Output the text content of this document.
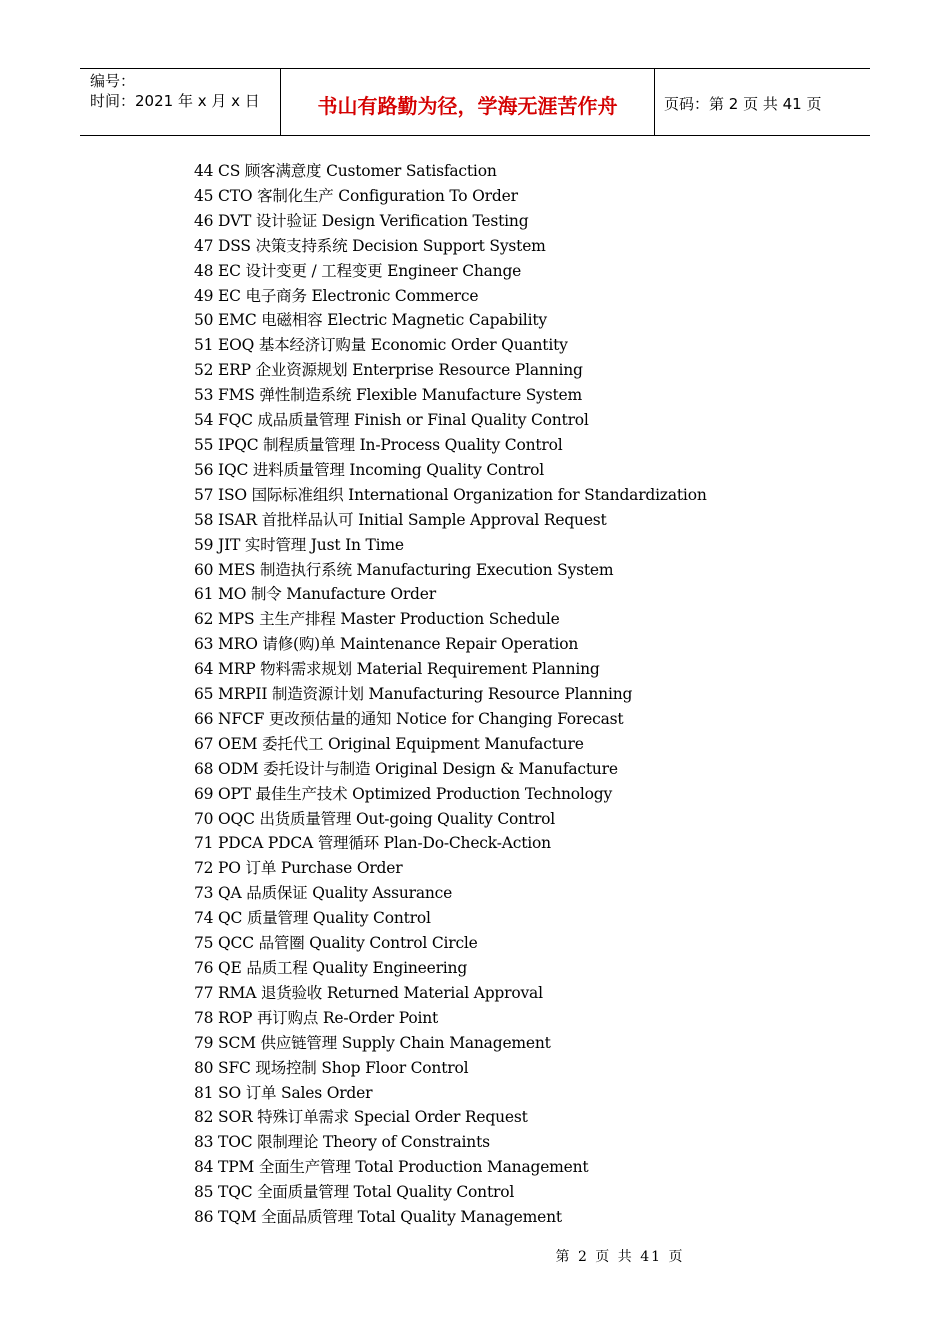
编号：
时间：2021 年 x 月 x 日	书山有路勤为径，学海无涯苦作舟	页码：第 2 页 共 41 页
44 CS 顾客满意度 Customer Satisfaction
45 CTO 客制化生产 Configuration To Order
46 DVT 设计验证 Design Verification Testing
47 DSS 决策支持系统 Decision Support System
48 EC 设计变更 / 工程变更 Engineer Change
49 EC 电子商务 Electronic Commerce
50 EMC 电磁相容 Electric Magnetic Capability
51 EOQ 基本经济订购量 Economic Order Quantity
52 ERP 企业资源规划 Enterprise Resource Planning
53 FMS 弹性制造系统 Flexible Manufacture System
54 FQC 成品质量管理 Finish or Final Quality Control
55 IPQC 制程质量管理 In-Process Quality Control
56 IQC 进料质量管理 Incoming Quality Control
57 ISO 国际标准组织 International Organization for Standardization
58 ISAR 首批样品认可 Initial Sample Approval Request
59 JIT 实时管理 Just In Time
60 MES 制造执行系统 Manufacturing Execution System
61 MO 制令 Manufacture Order
62 MPS 主生产排程 Master Production Schedule
63 MRO 请修(购)单 Maintenance Repair Operation
64 MRP 物料需求规划 Material Requirement Planning
65 MRPII 制造资源计划 Manufacturing Resource Planning
66 NFCF 更改预估量的通知 Notice for Changing Forecast
67 OEM 委托代工 Original Equipment Manufacture
68 ODM 委托设计与制造 Original Design & Manufacture
69 OPT 最佳生产技术 Optimized Production Technology
70 OQC 出货质量管理 Out-going Quality Control
71 PDCA PDCA 管理循环 Plan-Do-Check-Action
72 PO 订单 Purchase Order
73 QA 品质保证 Quality Assurance
74 QC 质量管理 Quality Control
75 QCC 品管圈 Quality Control Circle
76 QE 品质工程 Quality Engineering
77 RMA 退货验收 Returned Material Approval
78 ROP 再订购点 Re-Order Point
79 SCM 供应链管理 Supply Chain Management
80 SFC 现场控制 Shop Floor Control
81 SO 订单 Sales Order
82 SOR 特殊订单需求 Special Order Request
83 TOC 限制理论 Theory of Constraints
84 TPM 全面生产管理 Total Production Management
85 TQC 全面质量管理 Total Quality Control
86 TQM 全面品质管理 Total Quality Management
第 2 页 共 41 页
